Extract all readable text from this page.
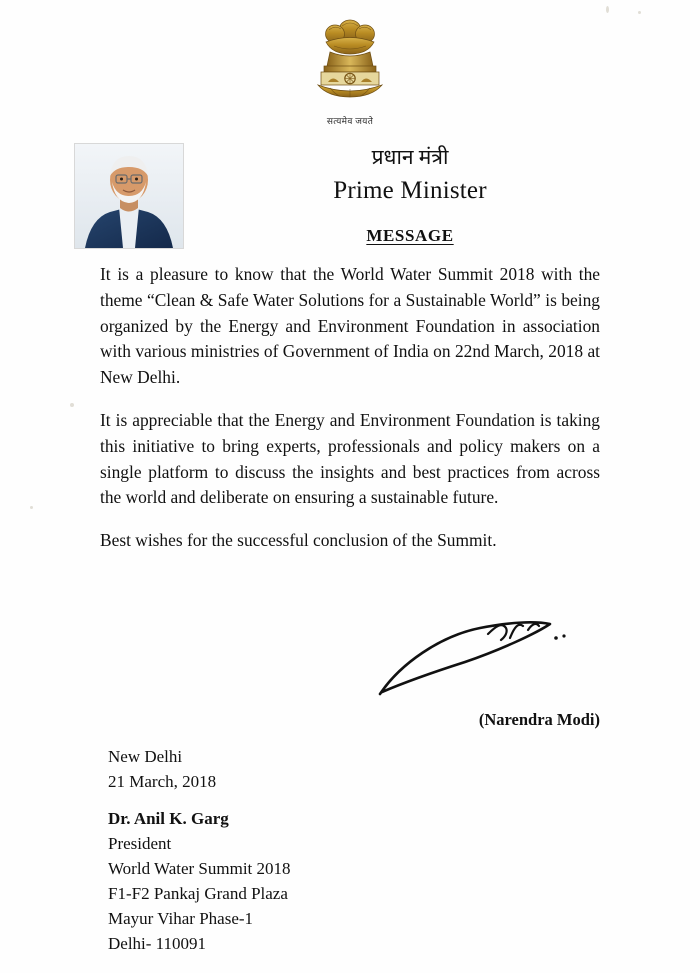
सत्यमेव जयते
प्रधान मंत्री
Prime Minister
MESSAGE

It is a pleasure to know that the World Water Summit 2018 with the theme “Clean & Safe Water Solutions for a Sustainable World” is being organized by the Energy and Environment Foundation in association with various ministries of Government of India on 22nd March, 2018 at New Delhi.

It is appreciable that the Energy and Environment Foundation is taking this initiative to bring experts, professionals and policy makers on a single platform to discuss the insights and best practices from across the world and deliberate on ensuring a sustainable future.

Best wishes for the successful conclusion of the Summit.

(Narendra Modi)
New Delhi
21 March, 2018
Dr. Anil K. Garg
President
World Water Summit 2018
F1-F2 Pankaj Grand Plaza
Mayur Vihar Phase-1
Delhi- 110091
